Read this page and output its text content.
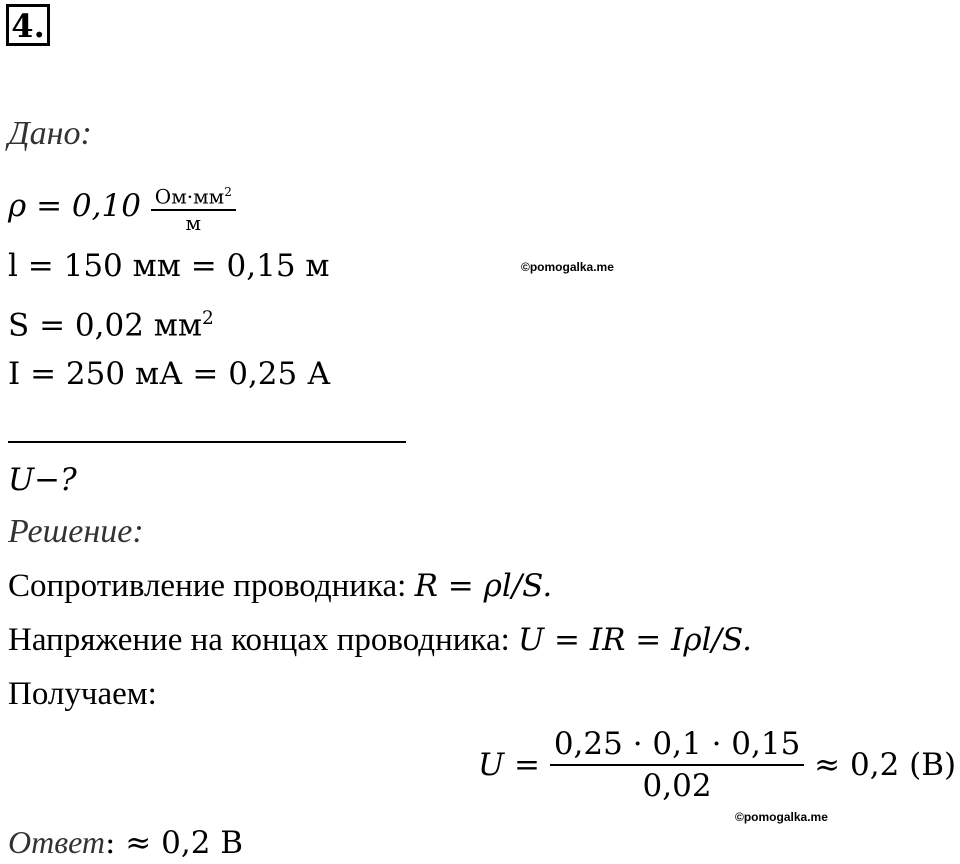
4.
Дано:
$\rho = 0,10 \frac{Ом\cdot мм^2}{м}$
l = 150 мм = 0,15 м
S = 0,02 $мм^2$
I = 250 мА = 0,25 А
U−?
Решение:
Сопротивление проводника: R = ρl/S.
Напряжение на концах проводника: U = IR = Iρl/S.
Получаем:
$U = \frac{0,25 \cdot 0,1 \cdot 0,15}{0,02} \approx 0,2$ (В)
Ответ: ≈ 0,2 В
©pomogalka.me
©pomogalka.me
